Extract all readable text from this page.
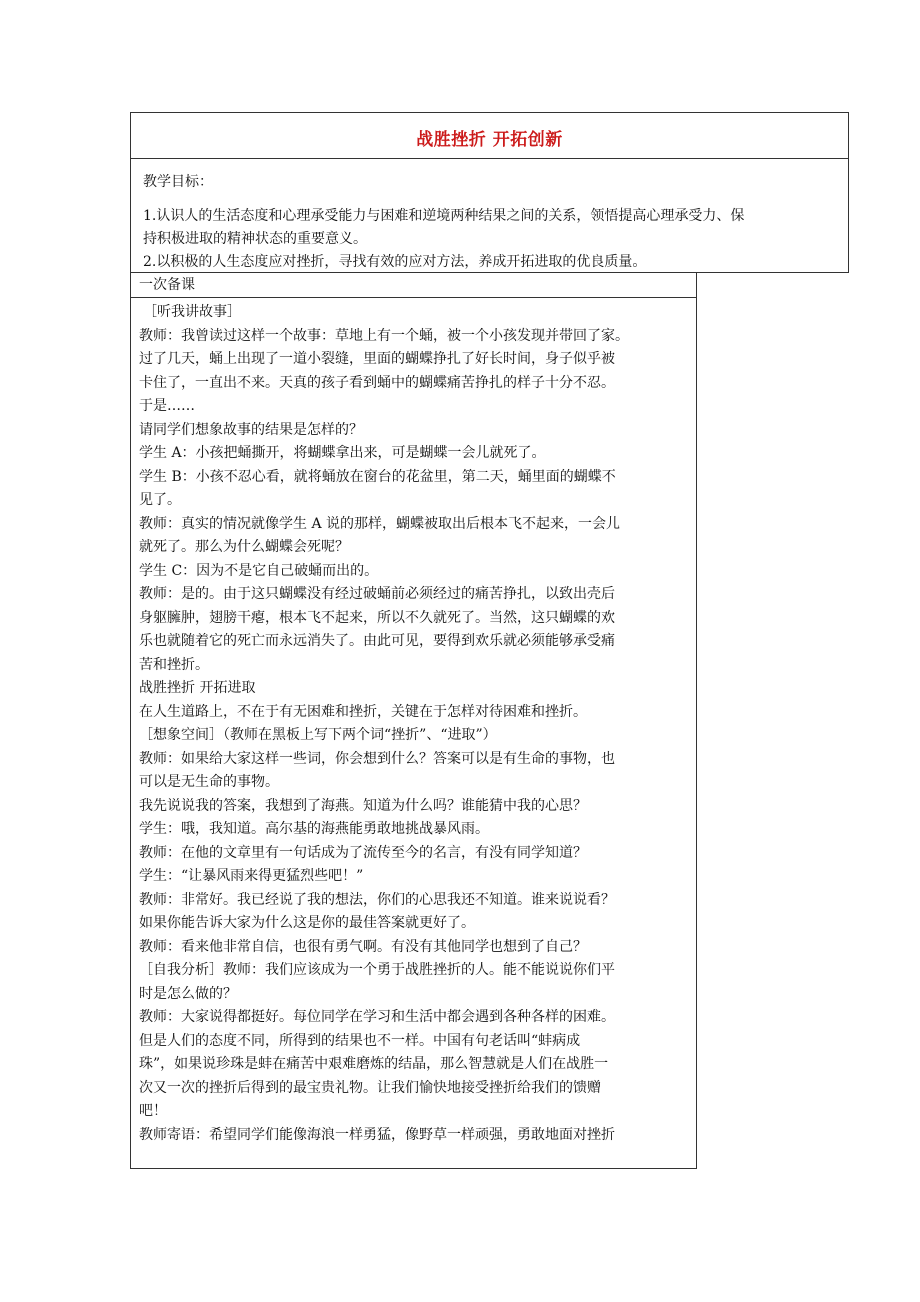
战胜挫折 开拓创新
教学目标：
1.认识人的生活态度和心理承受能力与困难和逆境两种结果之间的关系，领悟提高心理承受力、保
持积极进取的精神状态的重要意义。
2.以积极的人生态度应对挫折，寻找有效的应对方法，养成开拓进取的优良质量。
一次备课
［听我讲故事］
教师：我曾读过这样一个故事：草地上有一个蛹，被一个小孩发现并带回了家。
过了几天，蛹上出现了一道小裂缝，里面的蝴蝶挣扎了好长时间，身子似乎被
卡住了，一直出不来。天真的孩子看到蛹中的蝴蝶痛苦挣扎的样子十分不忍。
于是……
请同学们想象故事的结果是怎样的？
学生 A：小孩把蛹撕开，将蝴蝶拿出来，可是蝴蝶一会儿就死了。
学生 B：小孩不忍心看，就将蛹放在窗台的花盆里，第二天，蛹里面的蝴蝶不
见了。
教师：真实的情况就像学生 A 说的那样，蝴蝶被取出后根本飞不起来，一会儿
就死了。那么为什么蝴蝶会死呢？
学生 C：因为不是它自己破蛹而出的。
教师：是的。由于这只蝴蝶没有经过破蛹前必须经过的痛苦挣扎，以致出壳后
身躯臃肿，翅膀干瘪，根本飞不起来，所以不久就死了。当然，这只蝴蝶的欢
乐也就随着它的死亡而永远消失了。由此可见，要得到欢乐就必须能够承受痛
苦和挫折。
战胜挫折 开拓进取
在人生道路上，不在于有无困难和挫折，关键在于怎样对待困难和挫折。
［想象空间］（教师在黑板上写下两个词“挫折”、“进取”）
教师：如果给大家这样一些词，你会想到什么？答案可以是有生命的事物，也
可以是无生命的事物。
我先说说我的答案，我想到了海燕。知道为什么吗？谁能猜中我的心思？
学生：哦，我知道。高尔基的海燕能勇敢地挑战暴风雨。
教师：在他的文章里有一句话成为了流传至今的名言，有没有同学知道？
学生：“让暴风雨来得更猛烈些吧！”
教师：非常好。我已经说了我的想法，你们的心思我还不知道。谁来说说看？
如果你能告诉大家为什么这是你的最佳答案就更好了。
教师：看来他非常自信，也很有勇气啊。有没有其他同学也想到了自己？
［自我分析］教师：我们应该成为一个勇于战胜挫折的人。能不能说说你们平
时是怎么做的？
教师：大家说得都挺好。每位同学在学习和生活中都会遇到各种各样的困难。
但是人们的态度不同，所得到的结果也不一样。中国有句老话叫“蚌病成
珠”，如果说珍珠是蚌在痛苦中艰难磨炼的结晶，那么智慧就是人们在战胜一
次又一次的挫折后得到的最宝贵礼物。让我们愉快地接受挫折给我们的馈赠
吧！
教师寄语：希望同学们能像海浪一样勇猛，像野草一样顽强，勇敢地面对挫折
